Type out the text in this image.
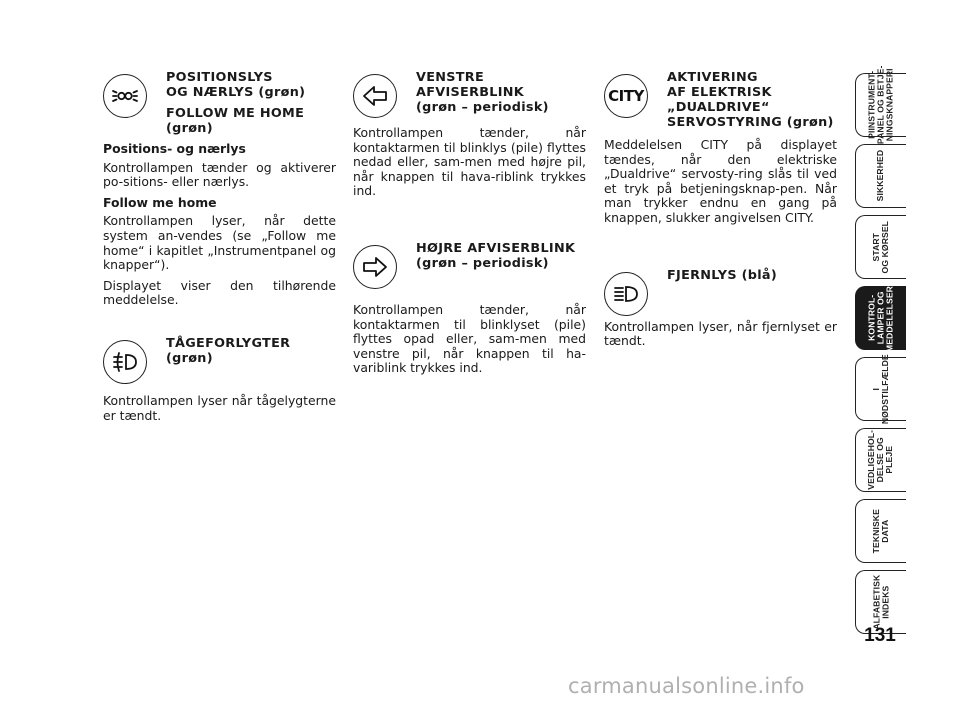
POSITIONSLYS
OG NÆRLYS (grøn)

FOLLOW ME HOME
(grøn)

Positions- og nærlys

Kontrollampen tænder og aktiverer po-sitions- eller nærlys.

Follow me home

Kontrollampen lyser, når dette system an-vendes (se „Follow me home“ i kapitlet „Instrumentpanel og knapper“).

Displayet viser den tilhørende meddelelse.

TÅGEFORLYGTER
(grøn)

Kontrollampen lyser når tågelygterne er tændt.

VENSTRE
AFVISERBLINK
(grøn – periodisk)

Kontrollampen tænder, når kontaktarmen til blinklys (pile) flyttes nedad eller, sam-men med højre pil, når knappen til hava-riblink trykkes ind.

HØJRE AFVISERBLINK
(grøn – periodisk)

Kontrollampen tænder, når kontaktarmen til blinklyset (pile) flyttes opad eller, sam-men med venstre pil, når knappen til ha-variblink trykkes ind.

CITY

AKTIVERING
AF ELEKTRISK
„DUALDRIVE“
SERVOSTYRING (grøn)

Meddelelsen CITY på displayet tændes, når den elektriske „Dualdrive“ servosty-ring slås til ved et tryk på betjeningsknap-pen. Når man trykker endnu en gang på knappen, slukker angivelsen CITY.

FJERNLYS (blå)

Kontrollampen lyser, når fjernlyset er tændt.

PIINSTRUMENT-
PANEL OG BETJE-
NINGSKNAPPERI
SIKKERHED
START
OG KØRSEL
KONTROL-
LAMPER OG
MEDDELELSERI
I
NØDSTILFÆLDE
VEDLIGEHOL-
DELSE OG
PLEJE
TEKNISKE
DATA
ALFABETISK
INDEKS
131
carmanualsonline.info
